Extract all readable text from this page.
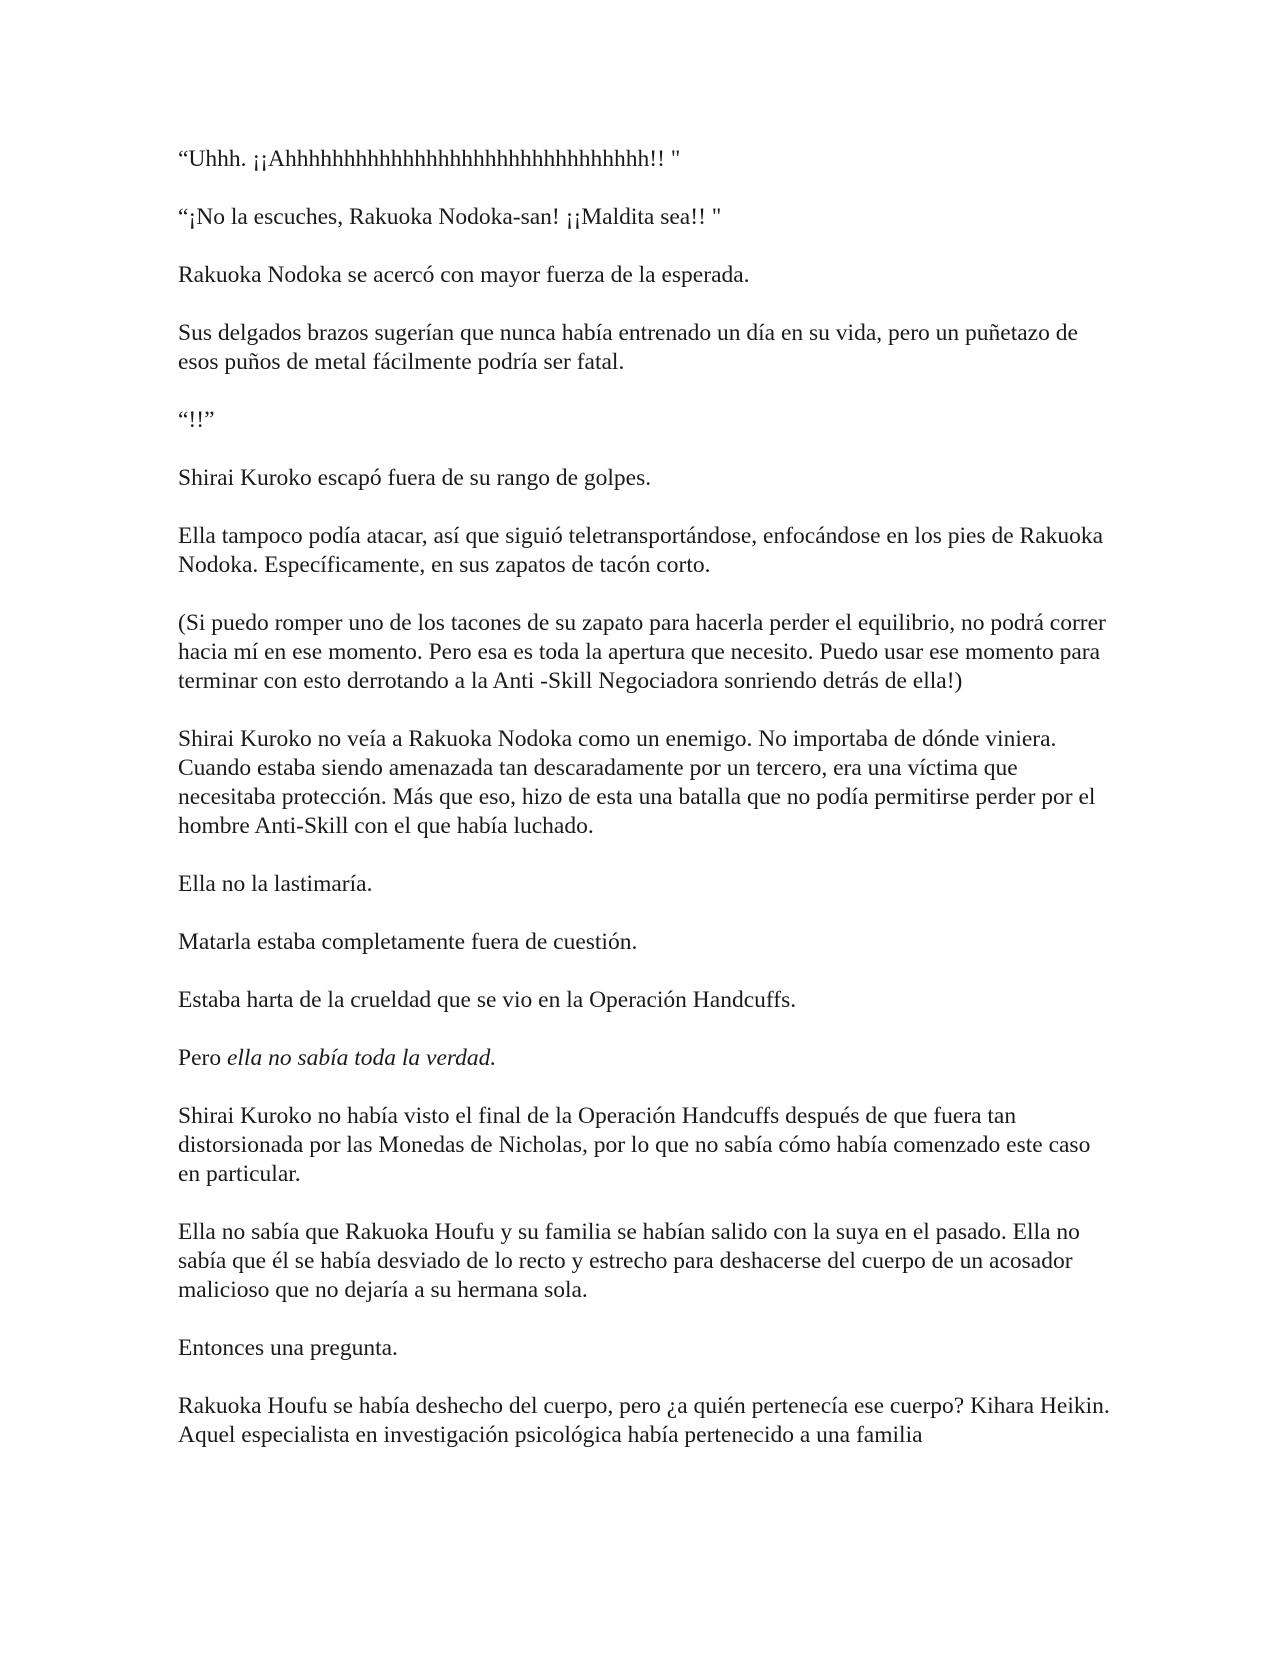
“Uhhh. ¡¡Ahhhhhhhhhhhhhhhhhhhhhhhhhhhhhhh!! "

“¡No la escuches, Rakuoka Nodoka-san! ¡¡Maldita sea!! "

Rakuoka Nodoka se acercó con mayor fuerza de la esperada.

Sus delgados brazos sugerían que nunca había entrenado un día en su vida, pero un puñetazo de esos puños de metal fácilmente podría ser fatal.

“!!”

Shirai Kuroko escapó fuera de su rango de golpes.

Ella tampoco podía atacar, así que siguió teletransportándose, enfocándose en los pies de Rakuoka Nodoka. Específicamente, en sus zapatos de tacón corto.

(Si puedo romper uno de los tacones de su zapato para hacerla perder el equilibrio, no podrá correr hacia mí en ese momento. Pero esa es toda la apertura que necesito. Puedo usar ese momento para terminar con esto derrotando a la Anti -Skill Negociadora sonriendo detrás de ella!)

Shirai Kuroko no veía a Rakuoka Nodoka como un enemigo. No importaba de dónde viniera. Cuando estaba siendo amenazada tan descaradamente por un tercero, era una víctima que necesitaba protección. Más que eso, hizo de esta una batalla que no podía permitirse perder por el hombre Anti-Skill con el que había luchado.

Ella no la lastimaría.

Matarla estaba completamente fuera de cuestión.

Estaba harta de la crueldad que se vio en la Operación Handcuffs.

Pero ella no sabía toda la verdad.

Shirai Kuroko no había visto el final de la Operación Handcuffs después de que fuera tan distorsionada por las Monedas de Nicholas, por lo que no sabía cómo había comenzado este caso en particular.

Ella no sabía que Rakuoka Houfu y su familia se habían salido con la suya en el pasado. Ella no sabía que él se había desviado de lo recto y estrecho para deshacerse del cuerpo de un acosador malicioso que no dejaría a su hermana sola.

Entonces una pregunta.

Rakuoka Houfu se había deshecho del cuerpo, pero ¿a quién pertenecía ese cuerpo? Kihara Heikin. Aquel especialista en investigación psicológica había pertenecido a una familia
